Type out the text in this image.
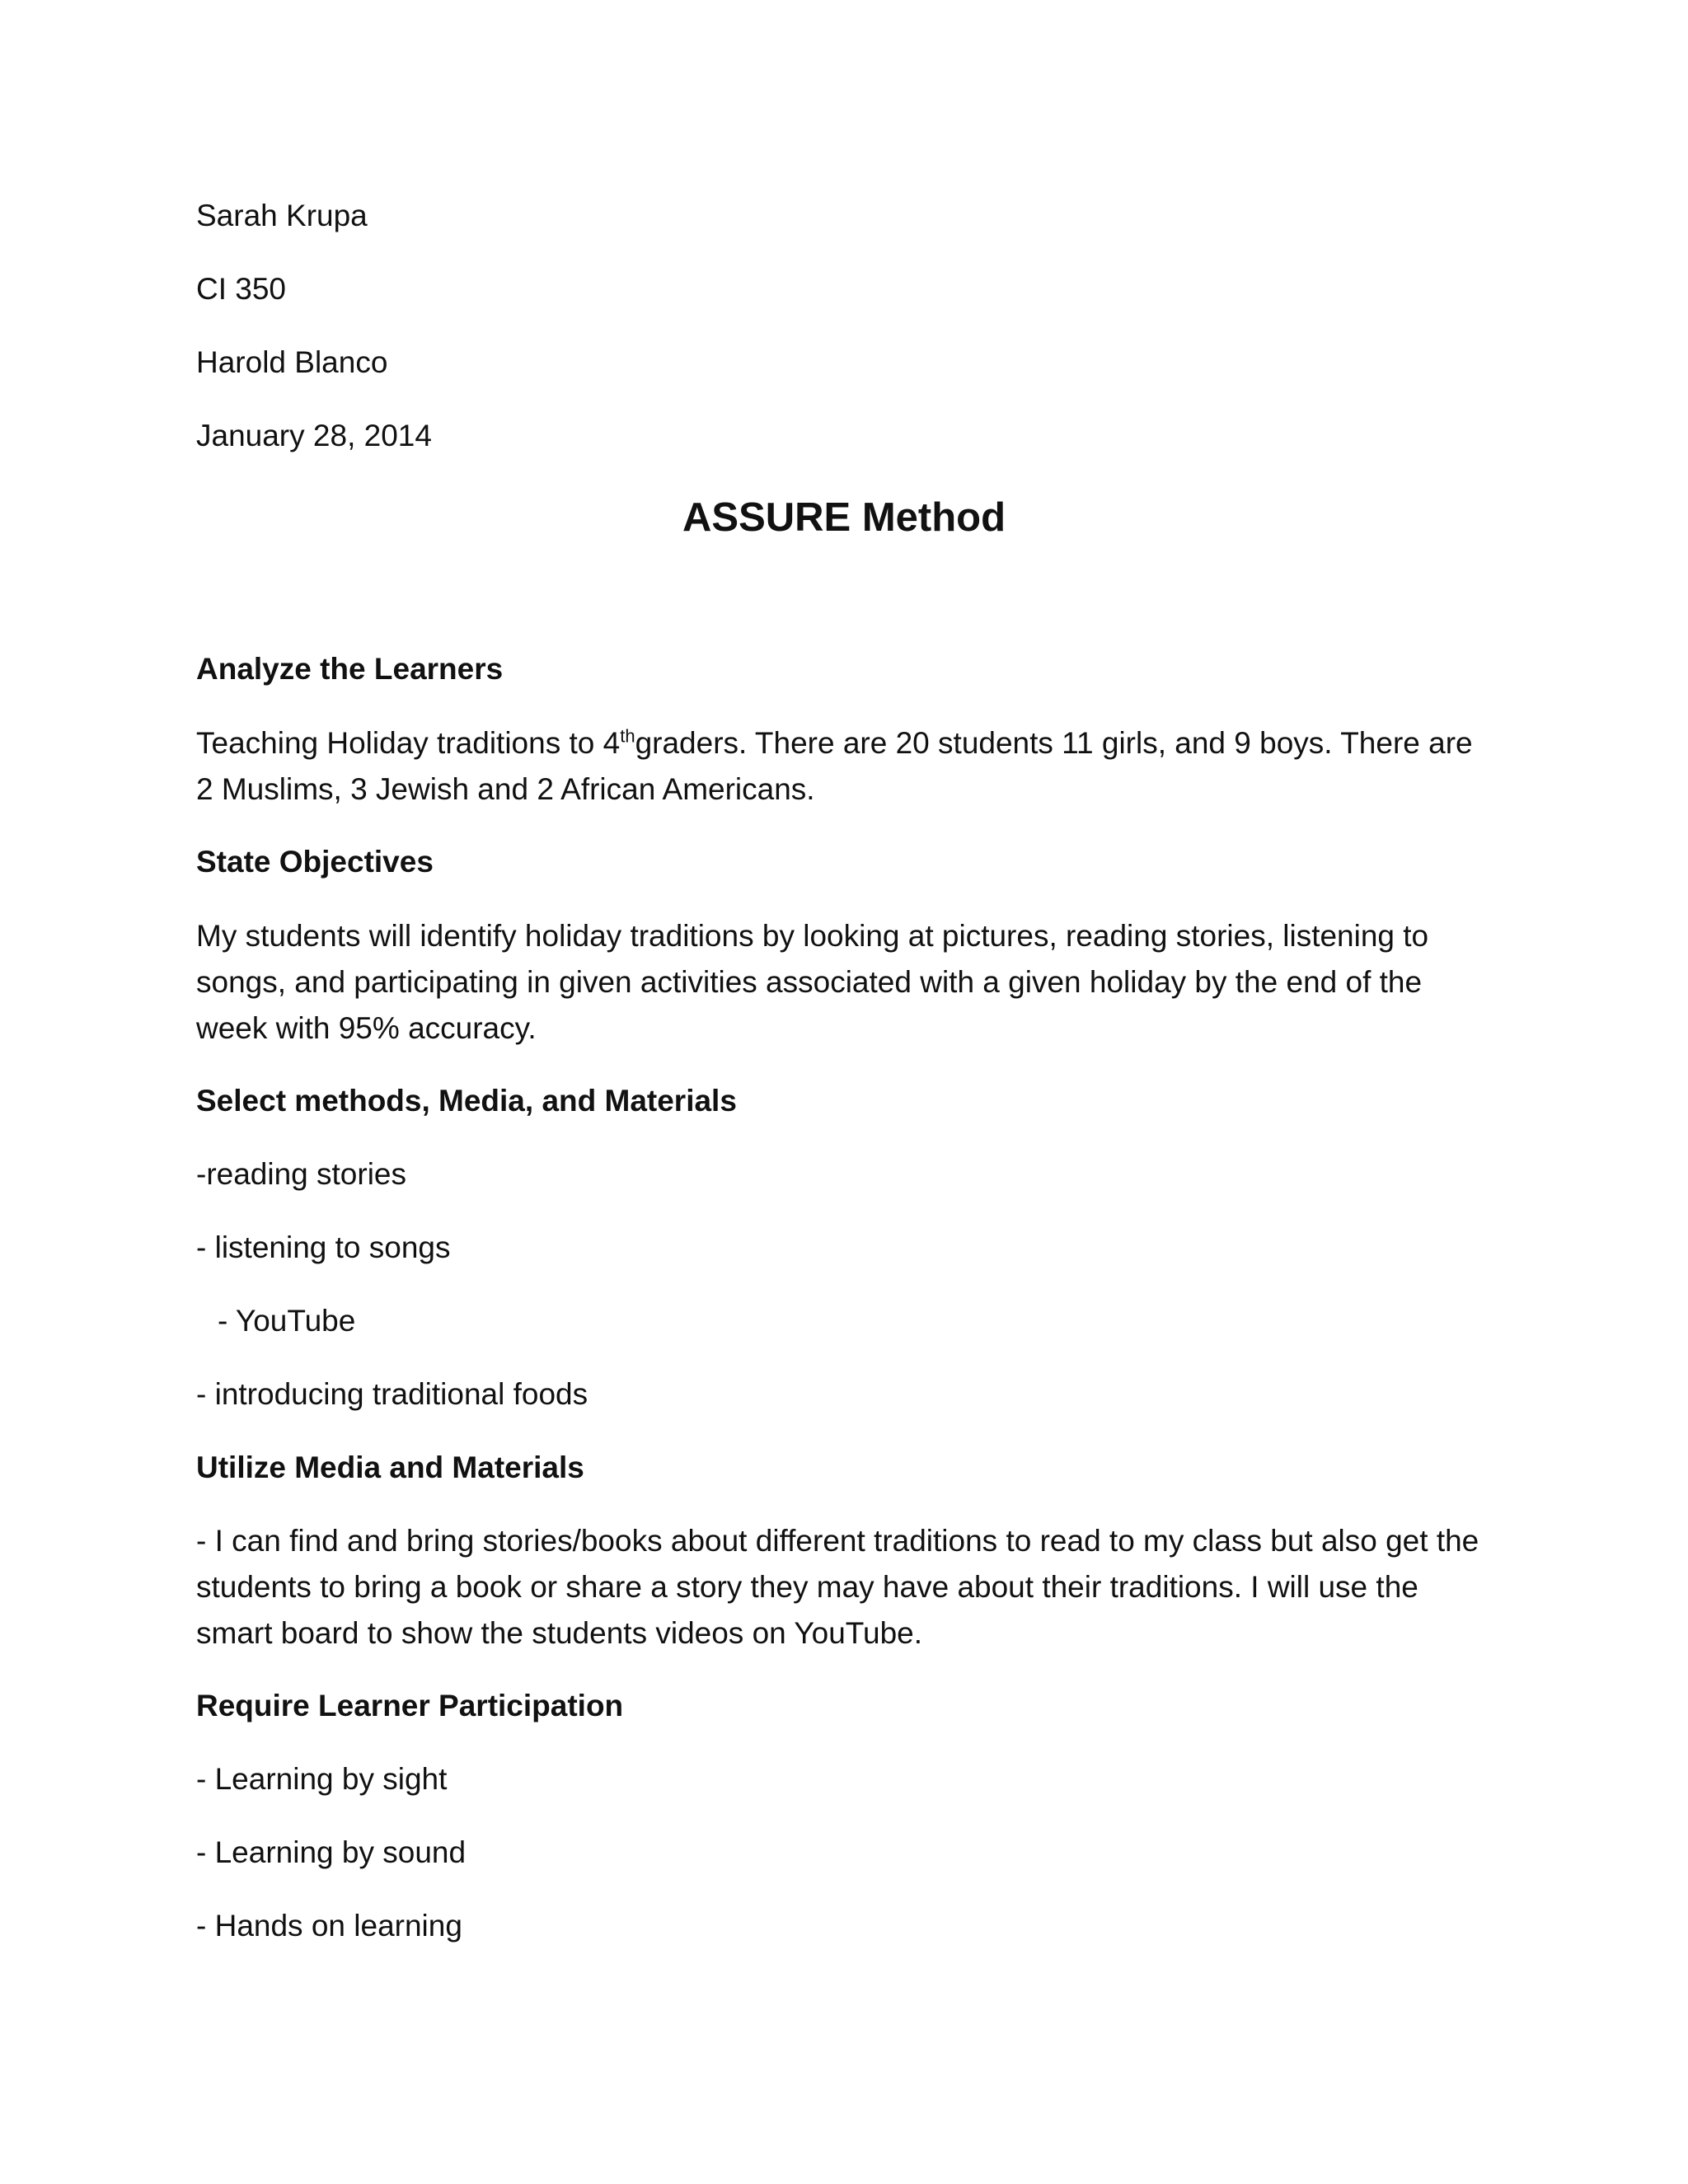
Sarah Krupa
CI 350
Harold Blanco
January 28, 2014
ASSURE Method
Analyze the Learners
Teaching Holiday traditions to 4thgraders. There are 20 students 11 girls, and 9 boys. There are
2 Muslims, 3 Jewish and 2 African Americans.
State Objectives
My students will identify holiday traditions by looking at pictures, reading stories, listening to songs, and participating in given activities associated with a given holiday by the end of the week with 95% accuracy.
Select methods, Media, and Materials
-reading stories
- listening to songs
- YouTube
- introducing traditional foods
Utilize Media and Materials
- I can find and bring stories/books about different traditions to read to my class but also get the students to bring a book or share a story they may have about their traditions. I will use the smart board to show the students videos on YouTube.
Require Learner Participation
- Learning by sight
- Learning by sound
- Hands on learning
